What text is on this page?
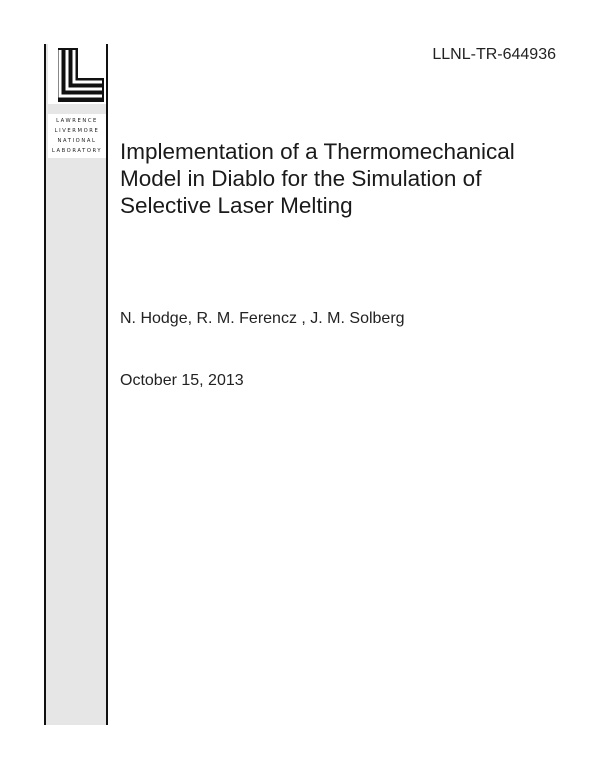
LAWRENCE
LIVERMORE
NATIONAL
LABORATORY
LLNL-TR-644936
Implementation of a Thermomechanical
Model in Diablo for the Simulation of
Selective Laser Melting
N. Hodge, R. M. Ferencz , J. M. Solberg
October 15, 2013
